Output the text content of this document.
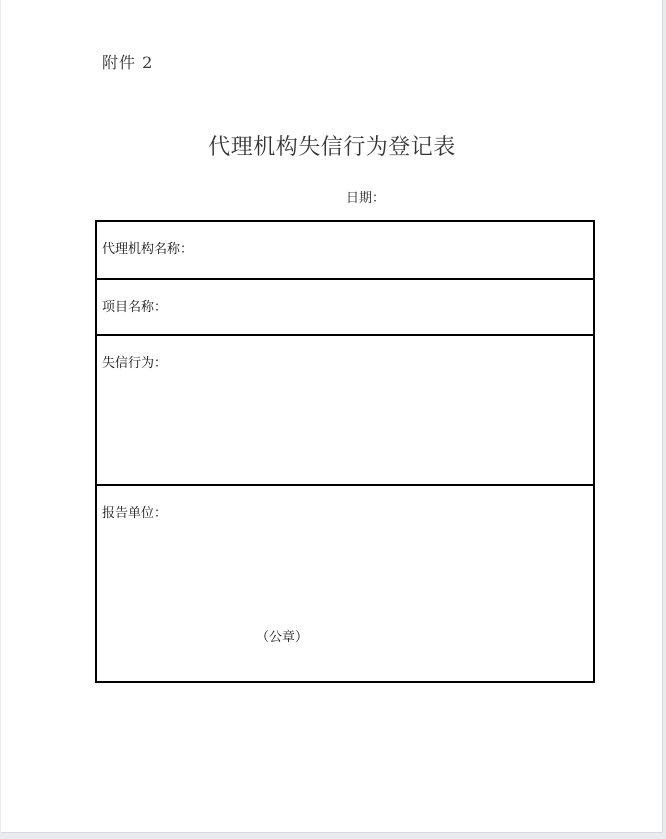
附件 2
代理机构失信行为登记表
日期：
代理机构名称：
项目名称：
失信行为：
报告单位：
（公章）
